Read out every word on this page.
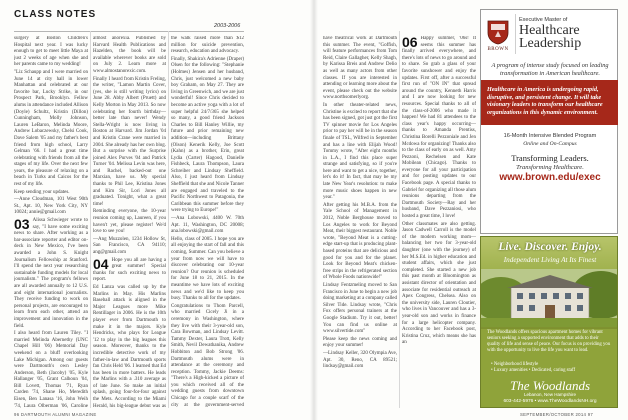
CLASS NOTES
2003-2006

surgery at Boston Children's Hospital next year. I was lucky enough to get to meet little Maya at just 2 weeks of age when she and her parents came to my wedding!

"Liz Schaupp and I were married on June 14 at city hall in lower Manhattan and celebrated at our favorite bar, Lucky Strike, in our Prospect Park, Brooklyn. Fellow alums in attendance included Allison (Doyle) Schultz, Kristin (Dillon) Cunningham, Molly Johnson, Lauren LeBaron, Melinda Moore, Andrew Lobaczewsky, Chelsi Cook, Dave Salem '05 and my father's best friend from high school, Larry Gelman '66. I had a great time celebrating with friends from all the stages of my life. Over the next few years, the pleasure of relaxing on a beach in Turks and Caicos for the rest of my life.

Keep sending your updates.

—Anne Cloudman, 101 West 90th St., Apt. 10, New York City, NY 10024; annie@gmail.com

03 Alissa Schwieger wrote to say, "I have some exciting news to share. After working as a bar-associate reporter and editor on-deck in New Mexico, I've been awarded a John S. Knight Journalism Fellowship at Stanford. I'll spend the next year researching sustainable funding models for local journalism." The program's fellows are all awarded annually to 12 U.S. and eight international journalists. They receive funding to work on personal projects, are encouraged to learn from each other, attend an improvement and innovation in the field.

I also heard from Lauren Tiley. "I married Melinda Abernethy (UNC Chapel Hill '06) Memorial Day weekend on a bluff overlooking Lake Michigan. Among our guests were Dartmouth's own Lesley Anderson, Beth (Jacoby) '05, Kyle Hallanger '05, Grant Calhoun '04, Bill Lovett, Thomas '71, Ryan Carden '74, Shane Ho, Meredith Eisen, Ben Lanasa '16, John Weih '74, Laura Olberman '06, Caroline

almost anorexia. Published by Harvard Health Publications and Hazelden, the book will be available wherever books are sold on July 2. Learn more at www.almostanorexic.com.

Finally I heard from Kristin Freling, the writer, "Lamon Martin Cover, (yes, she is still writing lyrics) on June 28. Abby Albert (Pruett) and Kelly Morton in May 2013. So now celebrating her fourth birthday—better late than never! Wendy Stella-Wright is now living in Boston at Harvard. Jim Jordan '04 and Kristin Crane were married in 2004. She already has her own blog. But a surprise with the Surprise joined Alex Purves '04 and Patrick Turner '04. Melissa Levin was here, and Rachel, backed-out one Marxian, have us. My special thanks to Phil Lee, Kristina Jones and Kim Sir, Lori Jones all graduated. Tonight, what a great time!

Reminding everyone, the 10-year reunion coming up, Laureen, if you haven't yet, please register! We'd love to see you!

—Ang Muzzolen, 1234 Hollow St, San Francisco, CA 94110; ang@gmail.com

04 Hope you all are having a great summer! Special thanks for such exciting news to report.

Ed Lanza was called up by the Marlins in May. His Marlins Baseball attack is aligned in the Major Leagues more Mike Rentillager in 2006. He is the 10th player ever from Dartmouth to make it in the majors. Kyle Hendricks, who plays for League '12 to play in the big leagues this season. Moreover, thanks to the incredible detective work of my father-in-law and Dartmouth sports fan Chris Held '06. I learned that Ed has been in more batters. He leads the Marlins with a .310 average as of late June. So make an initial splash, going four-for-four against the Mets. According to the Miami Herald, his big-league debut was as

the walk raised more than $12 million for suicide prevention, research, education and advocacy.

Finally, Shakira's Adrienne (Draper) Olsen for the following: "Stephanie (Holmes) Jensen and her husband, Chris, just welcomed a new baby boy Graham, on May 27. They are living in Greenwich, and we are just wonderful! Since Chris decided to become an active yoga with a lot of super helpful 24/7/365 she helped so many, a good friend Jackson Charles to Bill Hanley Willie, my future and prior remaining new addition—including Brittany (Olson) Kenerik Kelly, Joe Scott (Kahn) as a brother, Erin, great Lydia (Carter) Hagood, Danielle Fishbeck, Laura Thompson, Laura Schreiber and Lindsay Sheffield. Also, I just heard from Lindsay Sheffield that she and Nicole Tanner are engaged and traveled to the Pacific Northwest to Patagonia, the Caribbean this summer before they were trying to Europe!"

—Ana Lobowski, 4400 W. 70th Apt. 11, Washington, DC 20008; ana.lobowski@gmail.com

Hello, class of 2005. I hope you are all enjoying the start of fall and this coming, Summer. Can you believe a year from now we will have to discover celebrating our 10-year reunion? Our reunion is scheduled for June 18 to 21, 2015. In the meantime we have lots of exciting news and we'd like to keep you busy. Thanks to all for the updates.

Congratulations to Thom Parcell, who married Cicely Ji in a ceremony in Washington, where they live with their 3-year-old son, Cara Bowman, and Lindsay Levitt. Tammy Dexter, Laura Trott, Kelly Smith, Nevil Dewathanika, Andrew Hobbiton and Bob Strong '06. Dartmouth alums were in attendance at the ceremony and reception. Tommy, Jackie Deems: "There's a High-kicked a picture of you which received all of the wedding guests from downtown Chicago for a couple scarf of the city at the government-served

have theatrical work at Dartmouth this summer. The event, "Goffish, will feature performances from Tom Reid, Claire Gallagher, Kelly Shagh, by Karissa Breis and Andrew Delio as well as many actors from other classes. If you are interested in attending or learning more about the event, please check out the website www.northsomerlyorg.

In other theater-related news, Christine is excited to report that she has been signed, got just got the first TV spinner movie for Los Angeles prior to pay her will be in the season finale of TSL, Wilfred in September and has a line with Elijah Wood! Tommy wrote, "After eight months in L.A., I find this place super strange and satisfying, so if you're here and want to get a nice, together, let's do it! In fact, that may be my late New Year's resolution: to make more music shoes happen in new year."

After getting his M.B.A. from the Yale School of Management in 2012, Noble Berghouse moved to Los Angeles to work for Beyond Meat, their biggest restaurant. Noble wrote, "Beyond Meat is a cutting-edge start-up that is producing plant-based proteins that are delicious and good for you and for the planet. Look for Beyond Meat's chicken-free strips in the refrigerated section of Whole Foods nationwide!"

Lindsay Fentzmeling moved to San Francisco in June to begin a new job doing marketing at a company called Silver Tide. Lindsay wrote, "Chris Fox offers personal trainers at the Google Stadium. Try it out, better! You can find us online at www.silvertide.com"

Please keep the news coming and enjoy your summer!

—Lindsay Keller, 320 Olympia Ave, Apt. 30, Reno, CA 89521; lindsay@gmail.com

06 Happy summer, '06s! It seems this summer has finally arrived everywhere, and there's lots of news to go around and to share. So grab a glass of your favorite sunshower and enjoy the updates. First off, after a successful first run of "ON IN" that spread around the country, Kenneth Harris and I are now looking for new resources. Special thanks to all of the class-of-2006 who made it happen! We had 81 attendees to the class year's happy occurring—thanks to Amanda Prentiss, Christina Borelli Pezzoniale and Jen Mcdowa for organizing! Thanks also to the class of early on as well. Amy Pezzoni, Rechelsen and Kate Mobilean (Chicago). Thanks to everyone for all your participation and for posting updates to our Facebook page. A special thanks to Gabriel for organizing all those alum reunions departing from the Dartmouth Society—Ray and her husband, Dave Pezzaniosi, who hosted a great time, I love!

Other classmates are also getting. Jason Cadwell Carroll is the model of the modern working mom—balancing her two for 3-year-old daughter (one with the journey) of her M.S.Ed. in higher education and student affairs, which she just completed. She started a new job this past month at Bloomington as assistant director of orientation and associate for residential outreach at Apex Congress, Chelsea. Also on the university side, Lauren Cloutier, who lives in Vancouver and has a 3-year-old son and works in finance for a large helicopter company. According to her Facebook post, Kristina Cruz, which means she has an

BROWN
Executive Master of
Healthcare Leadership
A program of intense study focused on leading transformation in American healthcare.
Healthcare in America is undergoing rapid, disruptive, and persistent change. It will take visionary leaders to transform our healthcare organizations in this dynamic environment.
16-Month Intensive Blended Program
Online and On-Campus
Transforming Leaders.
Transforming Healthcare.
www.brown.edu/exec
Live. Discover. Enjoy.
Independent Living At Its Finest
The Woodlands offers spacious apartment homes for vibrant seniors seeking a supported environment that adds to their quality of life and sense of peace. Our focus is on providing you with the opportunity to live the life you want to lead.
• Neighborhood lifestyle
• Luxury amenities • Dedicated, caring staff
The Woodlands
Lebanon, New Hampshire
603-442-5976 • www.TheWoodlandsNH.org
96 DARTMOUTH ALUMNI MAGAZINE	SEPTEMBER/OCTOBER 2014 97
